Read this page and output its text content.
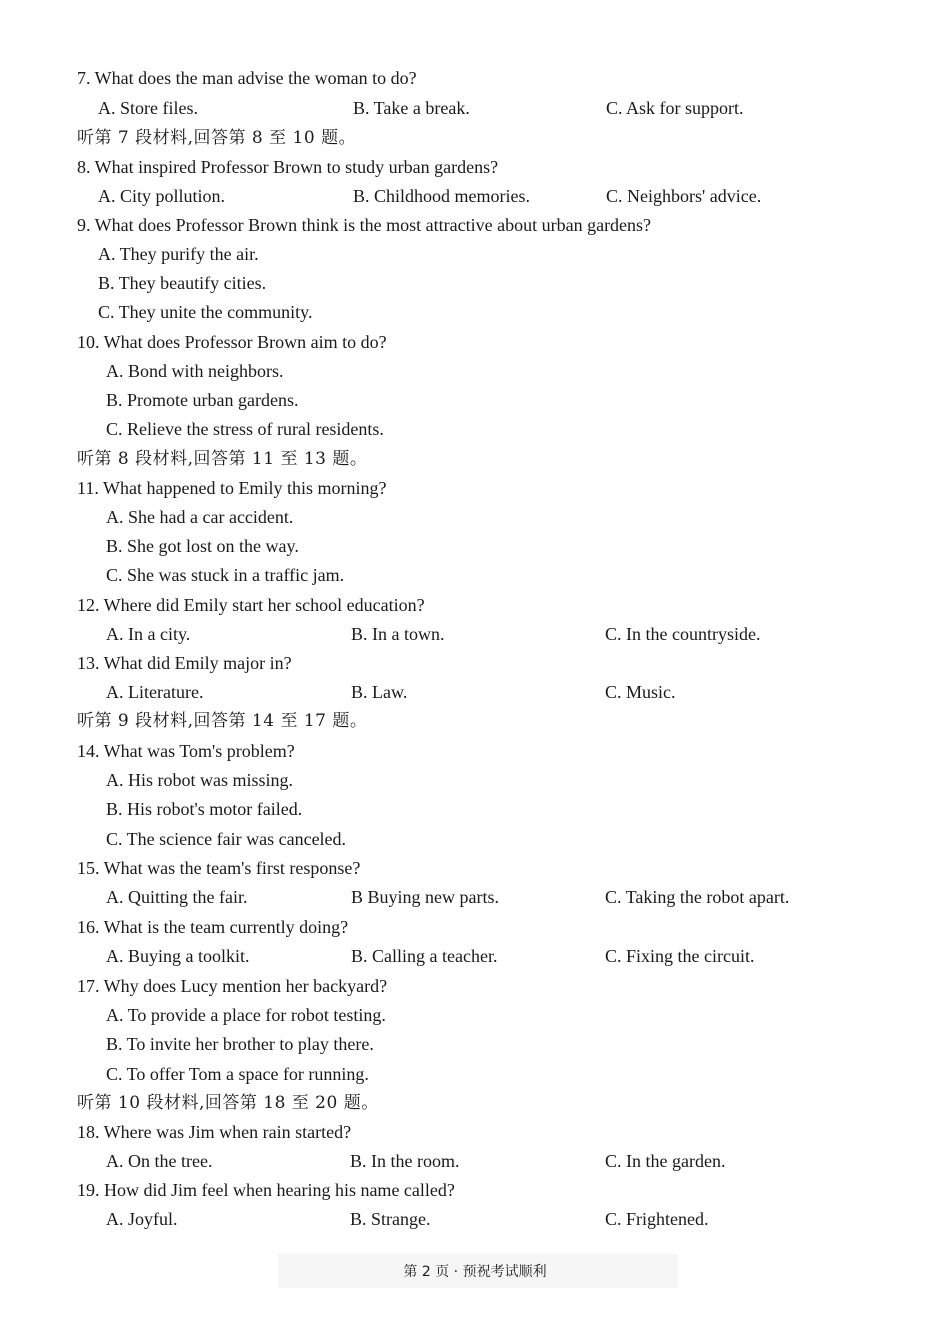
7. What does the man advise the woman to do?
A. Store files.	B. Take a break.	C. Ask for support.
听第 7 段材料,回答第 8 至 10 题。
8. What inspired Professor Brown to study urban gardens?
A. City pollution.	B. Childhood memories.	C. Neighbors' advice.
9. What does Professor Brown think is the most attractive about urban gardens?
A. They purify the air.
B. They beautify cities.
C. They unite the community.
10. What does Professor Brown aim to do?
A. Bond with neighbors.
B. Promote urban gardens.
C. Relieve the stress of rural residents.
听第 8 段材料,回答第 11 至 13 题。
11. What happened to Emily this morning?
A. She had a car accident.
B. She got lost on the way.
C. She was stuck in a traffic jam.
12. Where did Emily start her school education?
A. In a city.	B. In a town.	C. In the countryside.
13. What did Emily major in?
A. Literature.	B. Law.	C. Music.
听第 9 段材料,回答第 14 至 17 题。
14. What was Tom's problem?
A. His robot was missing.
B. His robot's motor failed.
C. The science fair was canceled.
15. What was the team's first response?
A. Quitting the fair.	B Buying new parts.	C. Taking the robot apart.
16. What is the team currently doing?
A. Buying a toolkit.	B. Calling a teacher.	C. Fixing the circuit.
17. Why does Lucy mention her backyard?
A. To provide a place for robot testing.
B. To invite her brother to play there.
C. To offer Tom a space for running.
听第 10 段材料,回答第 18 至 20 题。
18. Where was Jim when rain started?
A. On the tree.	B. In the room.	C. In the garden.
19. How did Jim feel when hearing his name called?
A. Joyful.	B. Strange.	C. Frightened.
第 2 页 · 预祝考试顺利
